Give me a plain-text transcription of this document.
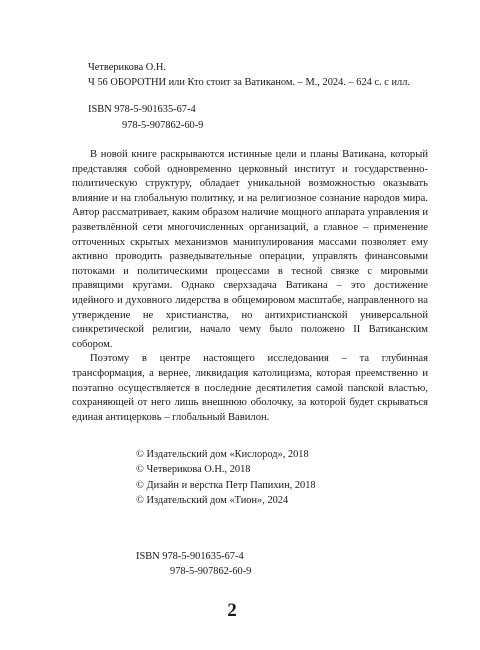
Четверикова О.Н.
Ч 56 ОБОРОТНИ или Кто стоит за Ватиканом. – М., 2024. – 624 с. с илл.
ISBN 978-5-901635-67-4
978-5-907862-60-9

В новой книге раскрываются истинные цели и планы Ватикана, который представляя собой одновременно церковный институт и государственно-политическую структуру, обладает уникальной возможностью оказывать влияние и на глобальную политику, и на религиозное сознание народов мира. Автор рассматривает, каким образом наличие мощного аппарата управления и разветвлённой сети многочисленных организаций, а главное – применение отточенных скрытых механизмов манипулирования массами позволяет ему активно проводить разведывательные операции, управлять финансовыми потоками и политическими процессами в тесной связке с мировыми правящими кругами. Однако сверхзадача Ватикана – это достижение идейного и духовного лидерства в общемировом масштабе, направленного на утверждение не христианства, но антихристианской универсальной синкретической религии, начало чему было положено II Ватиканским собором.

Поэтому в центре настоящего исследования – та глубинная трансформация, а вернее, ликвидация католицизма, которая преемственно и поэтапно осуществляется в последние десятилетия самой папской властью, сохраняющей от него лишь внешнюю оболочку, за которой будет скрываться единая антицерковь – глобальный Вавилон.

© Издательский дом «Кислород», 2018
© Четверикова О.Н., 2018
© Дизайн и верстка Петр Папихин, 2018
© Издательский дом «Тион», 2024
ISBN 978-5-901635-67-4
978-5-907862-60-9
2
